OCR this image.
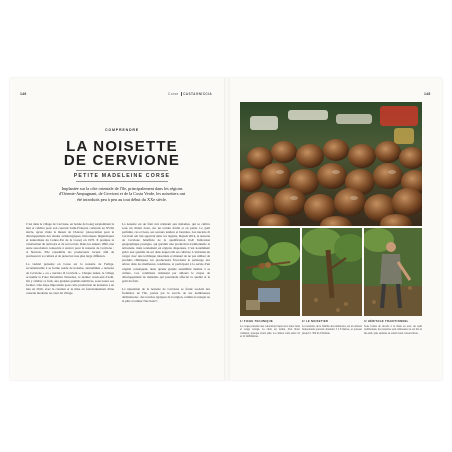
146	Corse CASTAGNICCIA	148
COMPRENDRE
LA NOISETTE
DE CERVIONE
PETITE MADELEINE CORSE
Implantée sur la côte orientale de l'île, principalement dans les régions d'Oriente-Ampugnani, de Cervioni et de la Costa Verde, les noisetiers ont été introduits peu à peu au tout début du XXe siècle.

C'est dans le village de Cervione, en bonne de bourg surplombant la mer et célèbre pour son couvent Saint-François construit au XVIIe siècle, qu'on visite le musée de l'Adecec (Association pour le développement des études archéologiques, historiques linguistiques et naturalistes du Centre-Est de la Corse) en 1970. Il pratique la valorisation du territoire et de son terroir. Dans les années 1990, une autre association consacrée à œuvrer pour la noisette de Cervione : A Nuciola. Elle rassemble les producteurs locaux afin de promouvoir sa culture et de préserver une plus large diffusion.

La variété présente en Corse est la noisette de Fertiga, reconnaissable à sa forme ronde de noisette, surnommée « noisette de Cervione » ou « nuciola di Cervioni ». Chaque année, le village accueille la Foire Décembre Noisettes, le dernier week-end d'août. On y célèbre ce fruit, aux grandes qualités nutritives, sous toutes ses formes. Une étape importante pour cette production de noisettes a eu lieu en 2016, avec la création et la mise en fonctionnement d'une casserie moderne au cœur du village.

La noisette est un fruit très résistant aux maladies, qui se cultive sous un climat doux, sur un terrain fertile et en pente. Le goût parfumé, ces et beau, ses saveurs tendres et beurrées, Les nuciole di Cervioni ont très apprécié dans ces régions. Depuis 2014, la noisette de Cervione bénéficie de la qualification IGP, Indication géographique protégée, qui garantit une production traditionnelle et artisanale, mais totalement en régions dispersées. C'est notamment grâce aux qualités du sol dans lequel elle est cultivée. L'entretien du verger avec une technique raisonnée et manuel de ne pas utiliser de produits chimiques, les producteurs favorisent le palissage des arbres dans les meilleures conditions, et participent à la survie d'un végétal conséquent, ainsi qu'une grande sensibilité destiné à sa culture. Ces conditions réduisent par ailleurs le risque de développement de maladies qui pourraient affecter la qualité et le goût du fruit.

La réputation de la noisette de Cervione se fonde au-delà des frontières de l'île, portée par le succès de ses nombreuses déclinaisons : des recettes typiques de la région, comme le nougat ou la pâte à tartiner Nucciola®.

1/ FICHE TECHNIQUE
La coque présente une coloration brune terre entre brun et rouge orangé. La chair est ferme, d'un blanc crémeux, presque ivoire pâle. La culture varie entre 16 et 22 millimètres.
2/ LE NOISETIER
Le noisetier, de la famille des bétulacées, est un arbuste buissonnant pouvant atteindre 3 à 8 mètres, et pousser jusqu'à 1 500 m d'altitude.
3/ HÉRITAGE TRADITIONNEL
Sous forme de récolte à la main ou avec un outil traditionnel, les noisettes sont ramassées au sol dès la mi-août, puis séchées au soleil avant conservation.
